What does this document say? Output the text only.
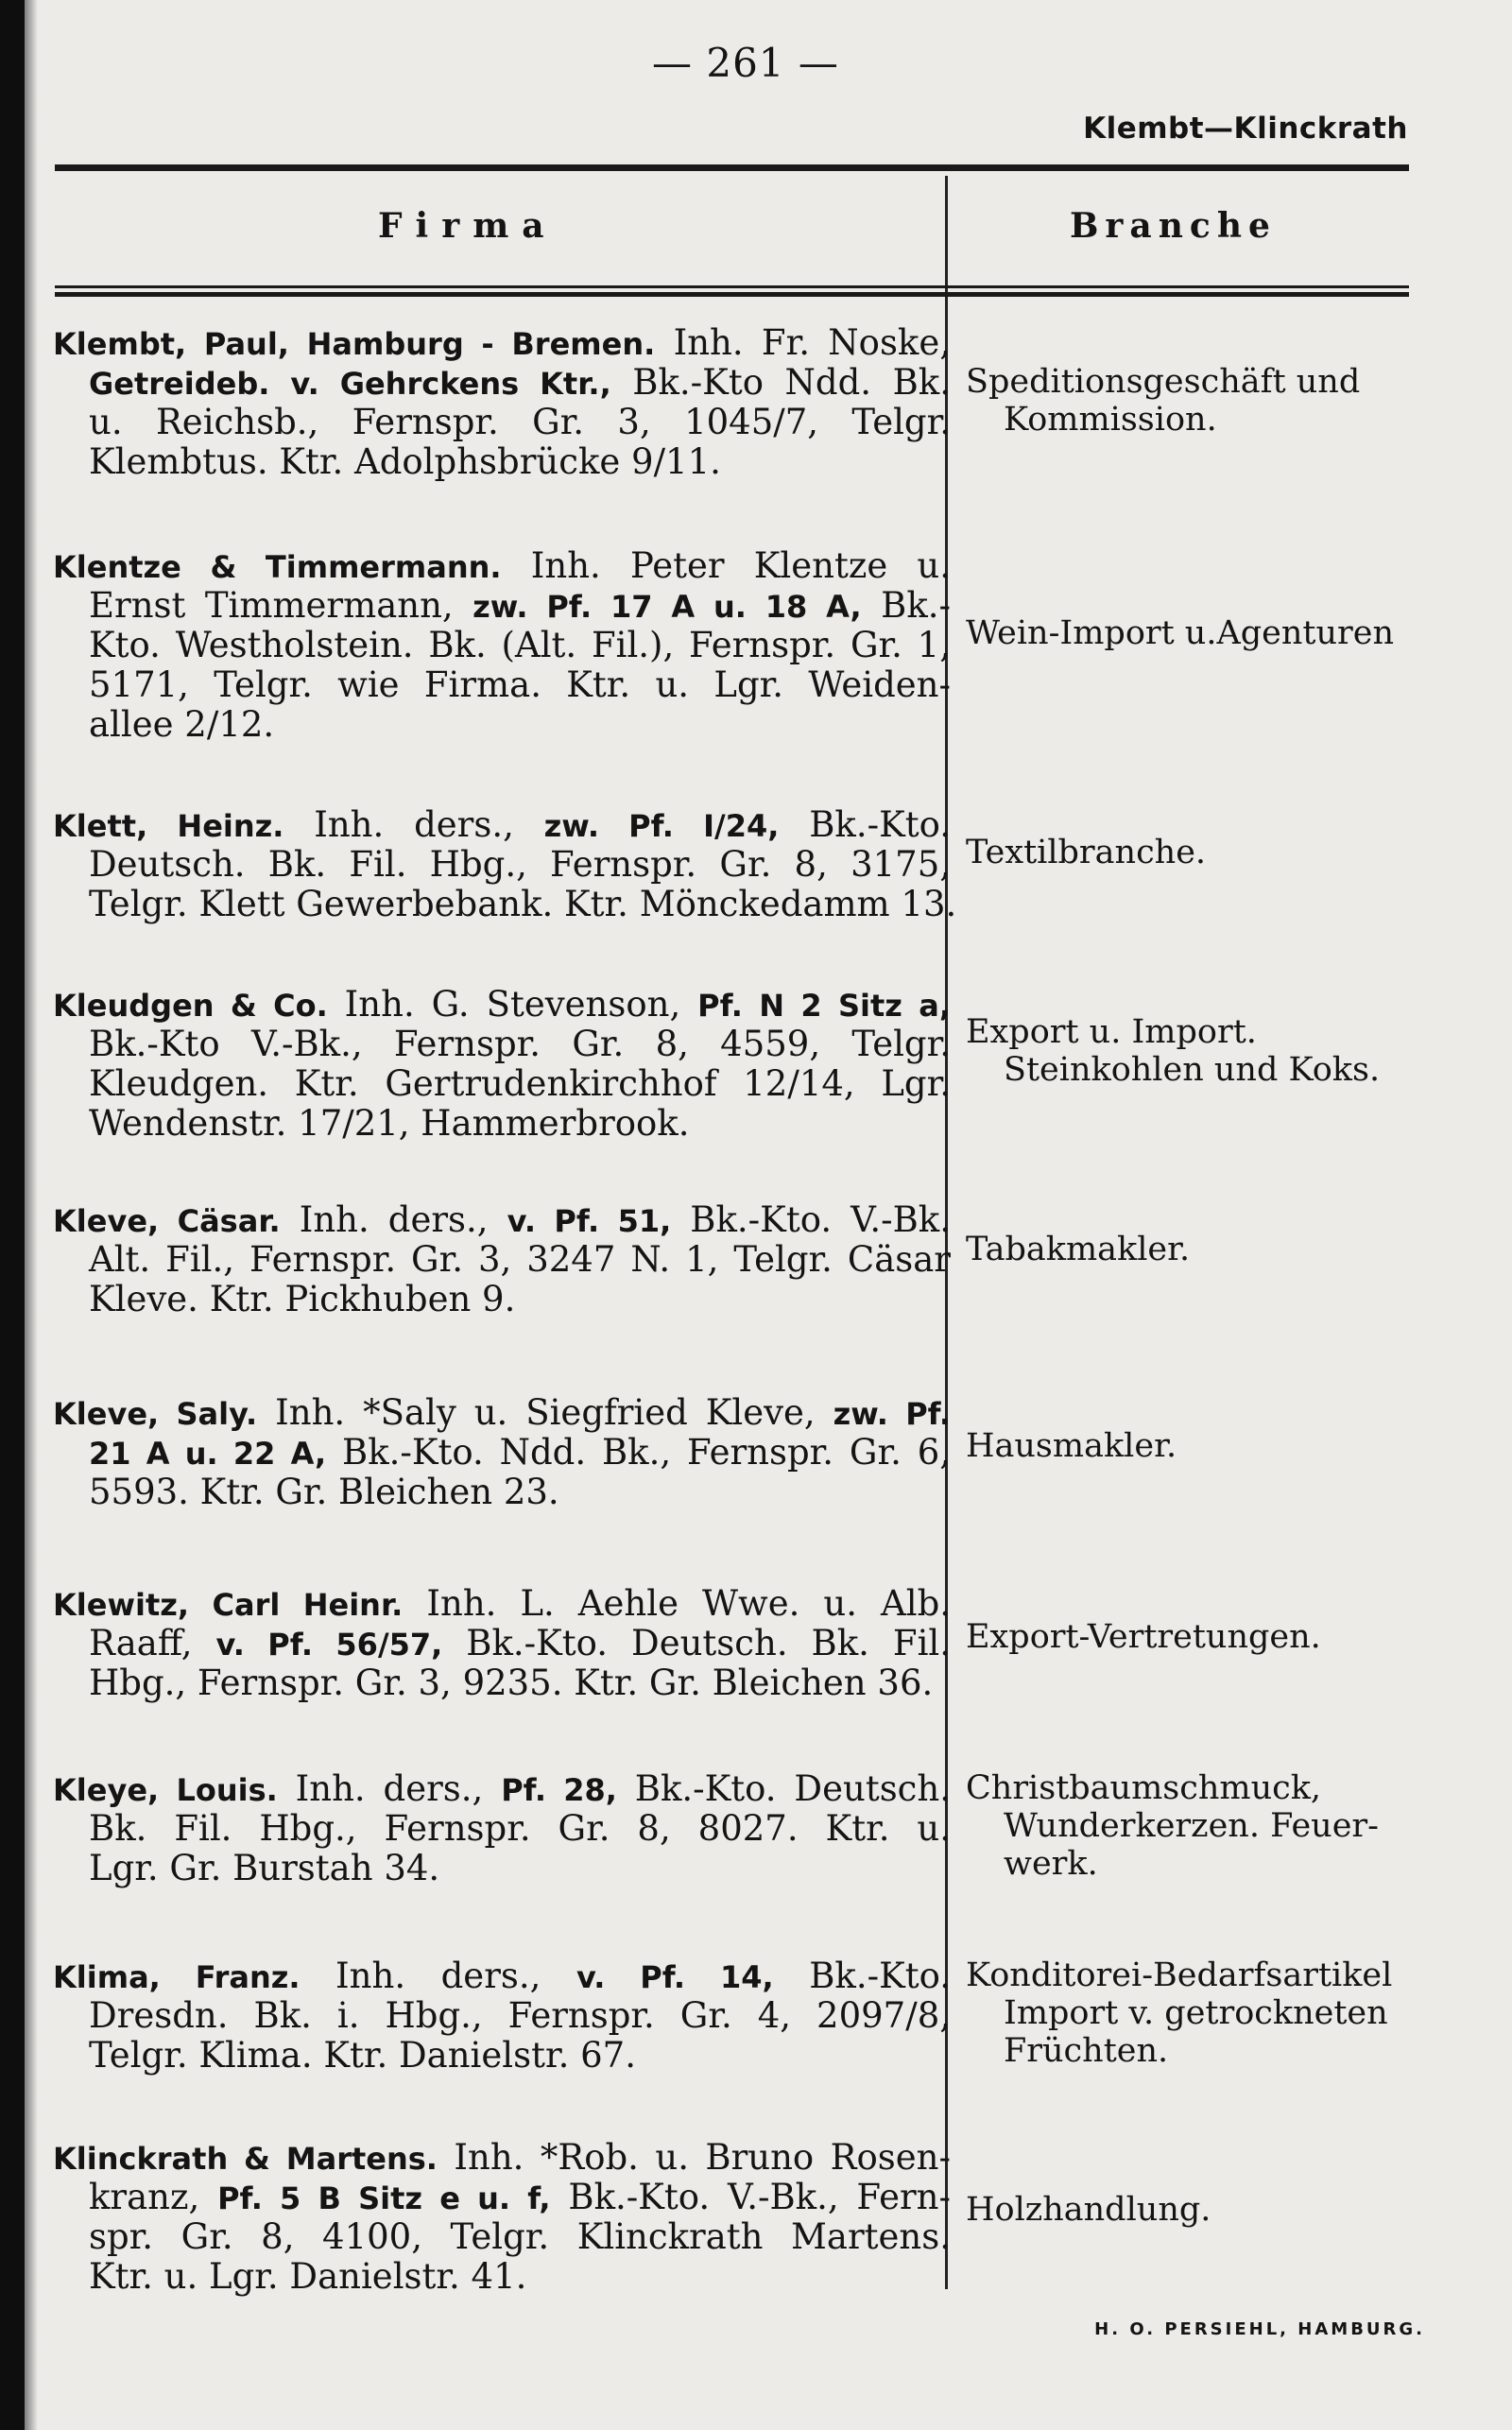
— 261 —
Klembt—Klinckrath
Firma	Branche
Klembt, Paul, Hamburg - Bremen. Inh. Fr. Noske,
Getreideb. v. Gehrckens Ktr., Bk.-Kto Ndd. Bk.
u. Reichsb., Fernspr. Gr. 3, 1045/7, Telgr.
Klembtus. Ktr. Adolphsbrücke 9/11.
Speditionsgeschäft und
Kommission.
Klentze & Timmermann. Inh. Peter Klentze u.
Ernst Timmermann, zw. Pf. 17 A u. 18 A, Bk.-
Kto. Westholstein. Bk. (Alt. Fil.), Fernspr. Gr. 1,
5171, Telgr. wie Firma. Ktr. u. Lgr. Weiden-
allee 2/12.
Wein-Import u.Agenturen
Klett, Heinz. Inh. ders., zw. Pf. I/24, Bk.-Kto.
Deutsch. Bk. Fil. Hbg., Fernspr. Gr. 8, 3175,
Telgr. Klett Gewerbebank. Ktr. Mönckedamm 13.
Textilbranche.
Kleudgen & Co. Inh. G. Stevenson, Pf. N 2 Sitz a,
Bk.-Kto V.-Bk., Fernspr. Gr. 8, 4559, Telgr.
Kleudgen. Ktr. Gertrudenkirchhof 12/14, Lgr.
Wendenstr. 17/21, Hammerbrook.
Export u. Import.
Steinkohlen und Koks.
Kleve, Cäsar. Inh. ders., v. Pf. 51, Bk.-Kto. V.-Bk.
Alt. Fil., Fernspr. Gr. 3, 3247 N. 1, Telgr. Cäsar
Kleve. Ktr. Pickhuben 9.
Tabakmakler.
Kleve, Saly. Inh. *Saly u. Siegfried Kleve, zw. Pf.
21 A u. 22 A, Bk.-Kto. Ndd. Bk., Fernspr. Gr. 6,
5593. Ktr. Gr. Bleichen 23.
Hausmakler.
Klewitz, Carl Heinr. Inh. L. Aehle Wwe. u. Alb.
Raaff, v. Pf. 56/57, Bk.-Kto. Deutsch. Bk. Fil.
Hbg., Fernspr. Gr. 3, 9235. Ktr. Gr. Bleichen 36.
Export-Vertretungen.
Kleye, Louis. Inh. ders., Pf. 28, Bk.-Kto. Deutsch.
Bk. Fil. Hbg., Fernspr. Gr. 8, 8027. Ktr. u.
Lgr. Gr. Burstah 34.
Christbaumschmuck,
Wunderkerzen. Feuer-
werk.
Klima, Franz. Inh. ders., v. Pf. 14, Bk.-Kto.
Dresdn. Bk. i. Hbg., Fernspr. Gr. 4, 2097/8,
Telgr. Klima. Ktr. Danielstr. 67.
Konditorei-Bedarfsartikel
Import v. getrockneten
Früchten.
Klinckrath & Martens. Inh. *Rob. u. Bruno Rosen-
kranz, Pf. 5 B Sitz e u. f, Bk.-Kto. V.-Bk., Fern-
spr. Gr. 8, 4100, Telgr. Klinckrath Martens.
Ktr. u. Lgr. Danielstr. 41.
Holzhandlung.
H. O. PERSIEHL, HAMBURG.
